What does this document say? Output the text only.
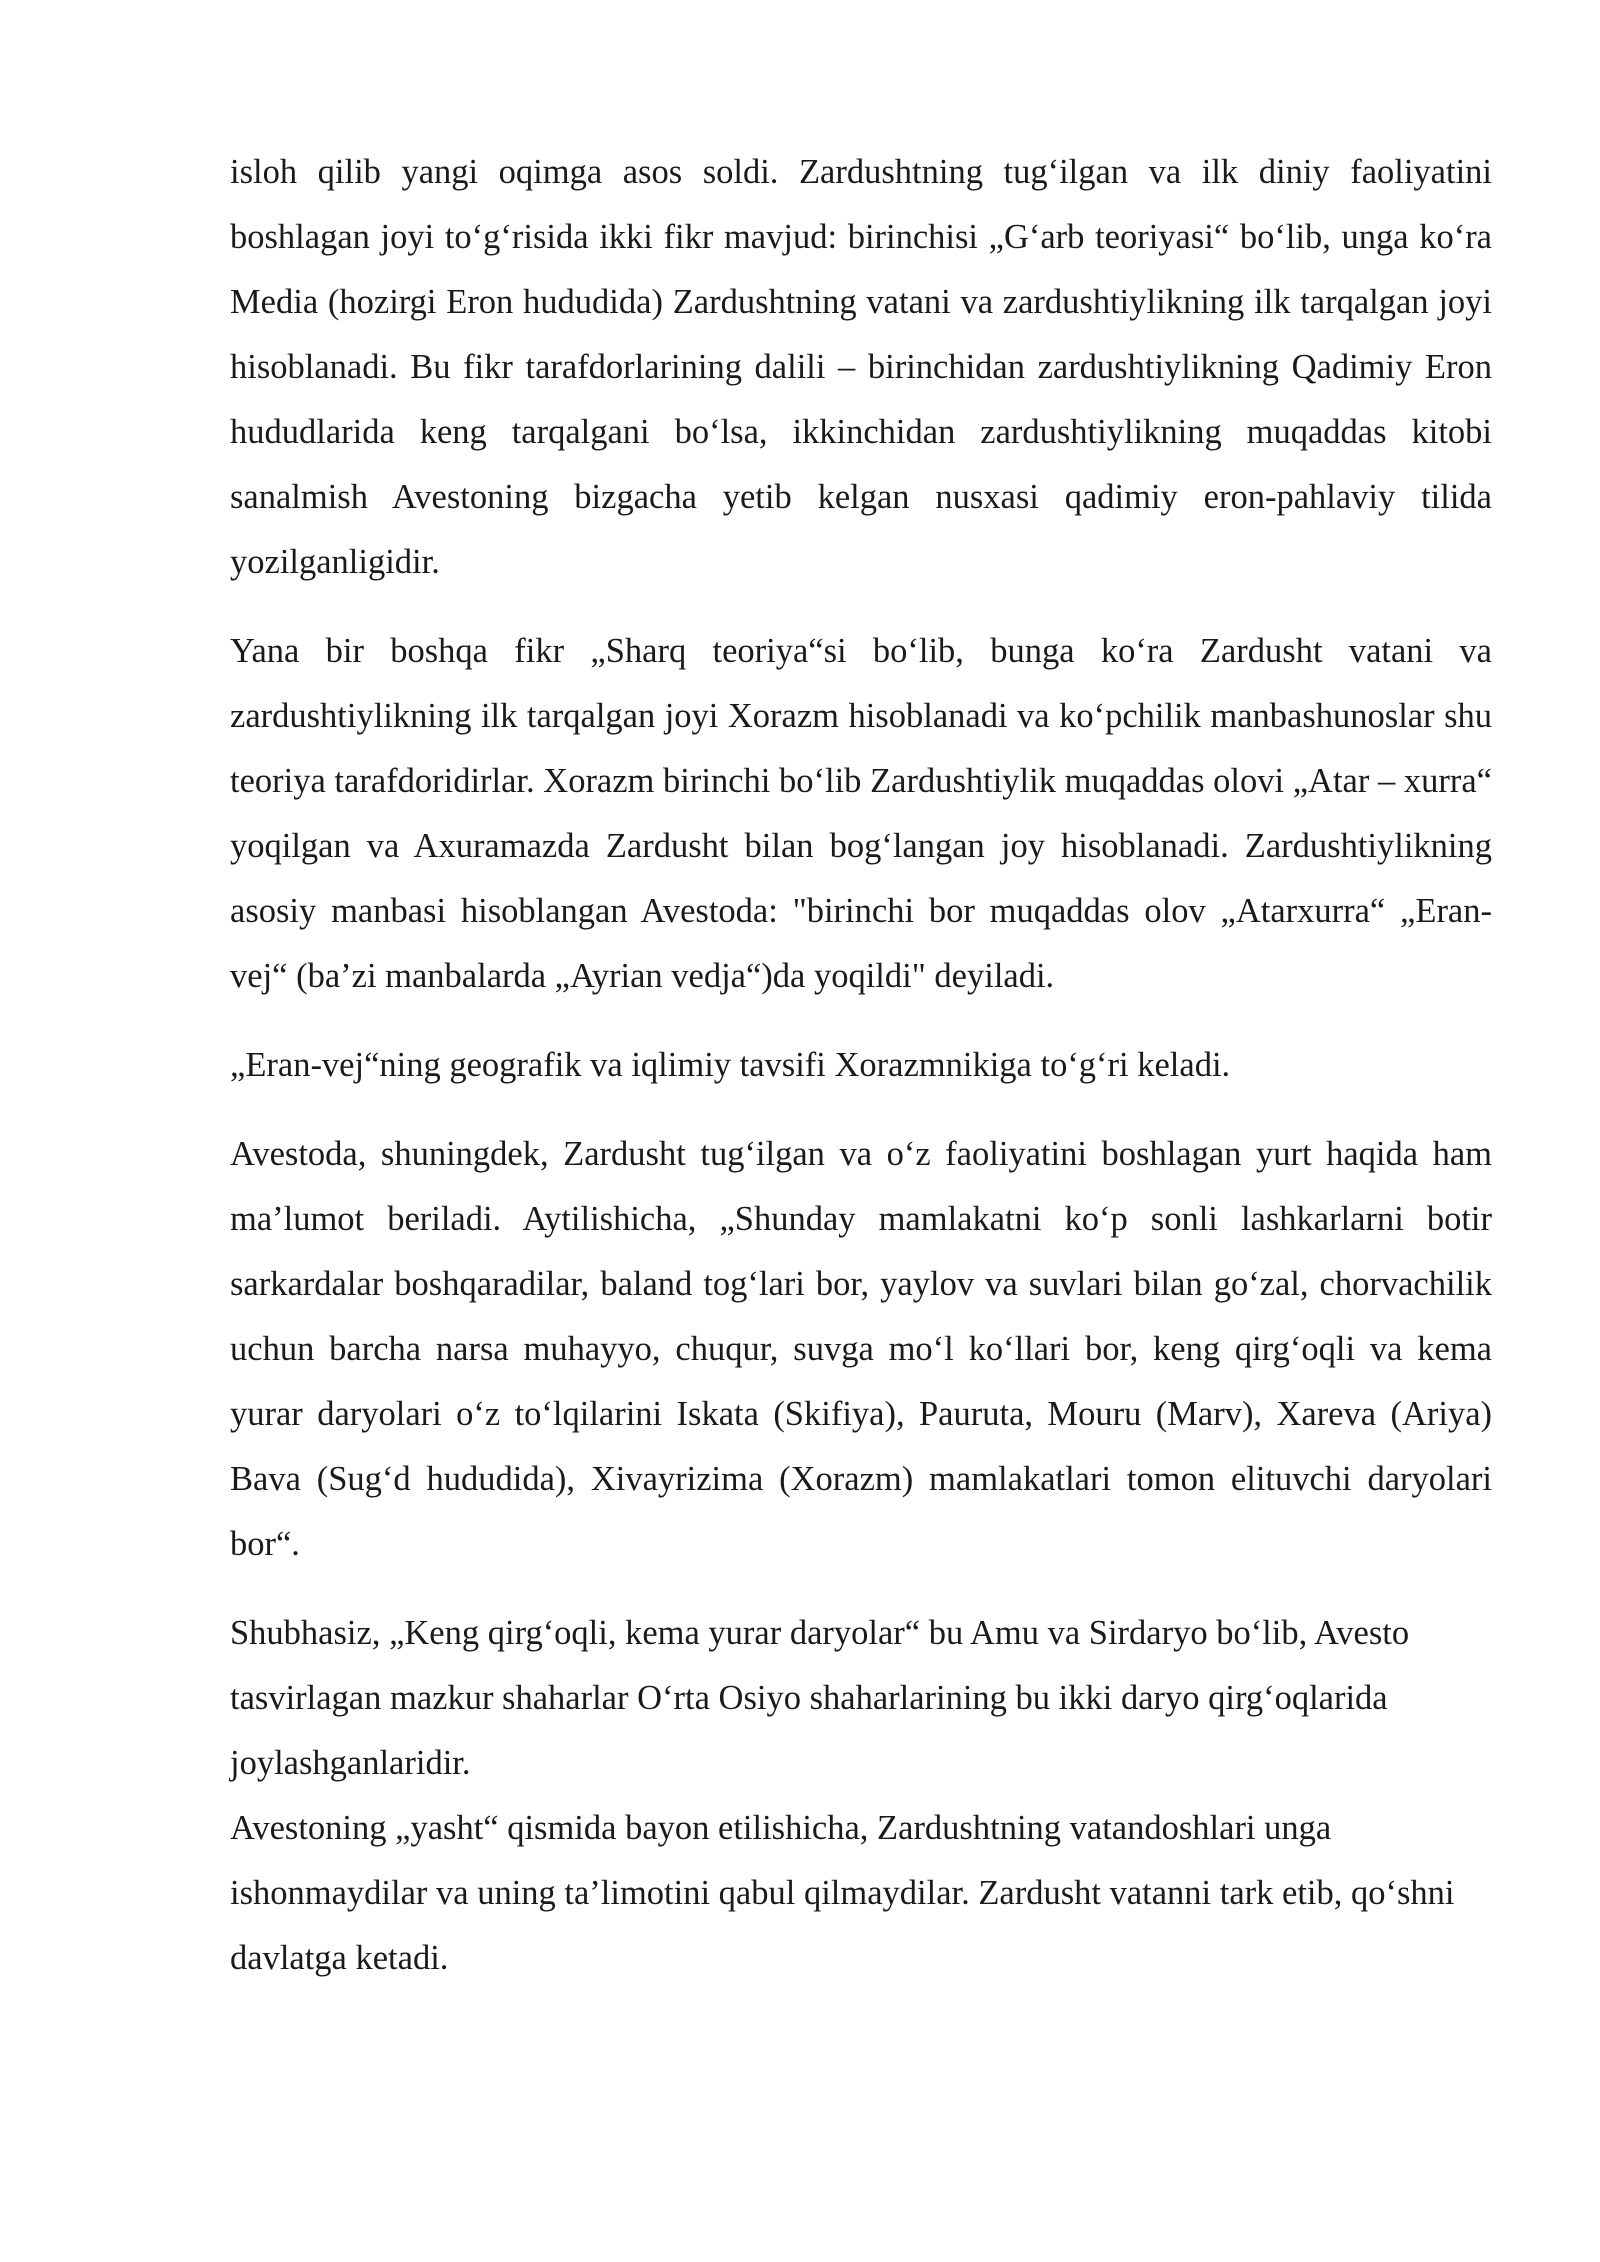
isloh qilib yangi oqimga asos soldi. Zardushtning tug‘ilgan va ilk diniy faoliyatini boshlagan joyi to‘g‘risida ikki fikr mavjud: birinchisi „G‘arb teoriyasi“ bo‘lib, unga ko‘ra Media (hozirgi Eron hududida) Zardushtning vatani va zardushtiylikning ilk tarqalgan joyi hisoblanadi. Bu fikr tarafdorlarining dalili – birinchidan zardushtiylikning Qadimiy Eron hududlarida keng tarqalgani bo‘lsa, ikkinchidan zardushtiylikning muqaddas kitobi sanalmish Avestoning bizgacha yetib kelgan nusxasi qadimiy eron-pahlaviy tilida yozilganligidir.

Yana bir boshqa fikr „Sharq teoriya“si bo‘lib, bunga ko‘ra Zardusht vatani va zardushtiylikning ilk tarqalgan joyi Xorazm hisoblanadi va ko‘pchilik manbashunoslar shu teoriya tarafdoridirlar. Xorazm birinchi bo‘lib Zardushtiylik muqaddas olovi „Atar – xurra“ yoqilgan va Axuramazda Zardusht bilan bog‘langan joy hisoblanadi. Zardushtiylikning asosiy manbasi hisoblangan Avestoda: "birinchi bor muqaddas olov „Atarxurra“ „Eran-vej“ (ba’zi manbalarda „Ayrian vedja“)da yoqildi" deyiladi.

„Eran-vej“ning geografik va iqlimiy tavsifi Xorazmnikiga to‘g‘ri keladi.

Avestoda, shuningdek, Zardusht tug‘ilgan va o‘z faoliyatini boshlagan yurt haqida ham ma’lumot beriladi. Aytilishicha, „Shunday mamlakatni ko‘p sonli lashkarlarni botir sarkardalar boshqaradilar, baland tog‘lari bor, yaylov va suvlari bilan go‘zal, chorvachilik uchun barcha narsa muhayyo, chuqur, suvga mo‘l ko‘llari bor, keng qirg‘oqli va kema yurar daryolari o‘z to‘lqilarini Iskata (Skifiya), Pauruta, Mouru (Marv), Xareva (Ariya) Bava (Sug‘d hududida), Xivayrizima (Xorazm) mamlakatlari tomon elituvchi daryolari bor“.

Shubhasiz, „Keng qirg‘oqli, kema yurar daryolar“ bu Amu va Sirdaryo bo‘lib, Avesto tasvirlagan mazkur shaharlar O‘rta Osiyo shaharlarining bu ikki daryo qirg‘oqlarida joylashganlaridir.

Avestoning „yasht“ qismida bayon etilishicha, Zardushtning vatandoshlari unga ishonmaydilar va uning ta’limotini qabul qilmaydilar. Zardusht vatanni tark etib, qo‘shni davlatga ketadi.
